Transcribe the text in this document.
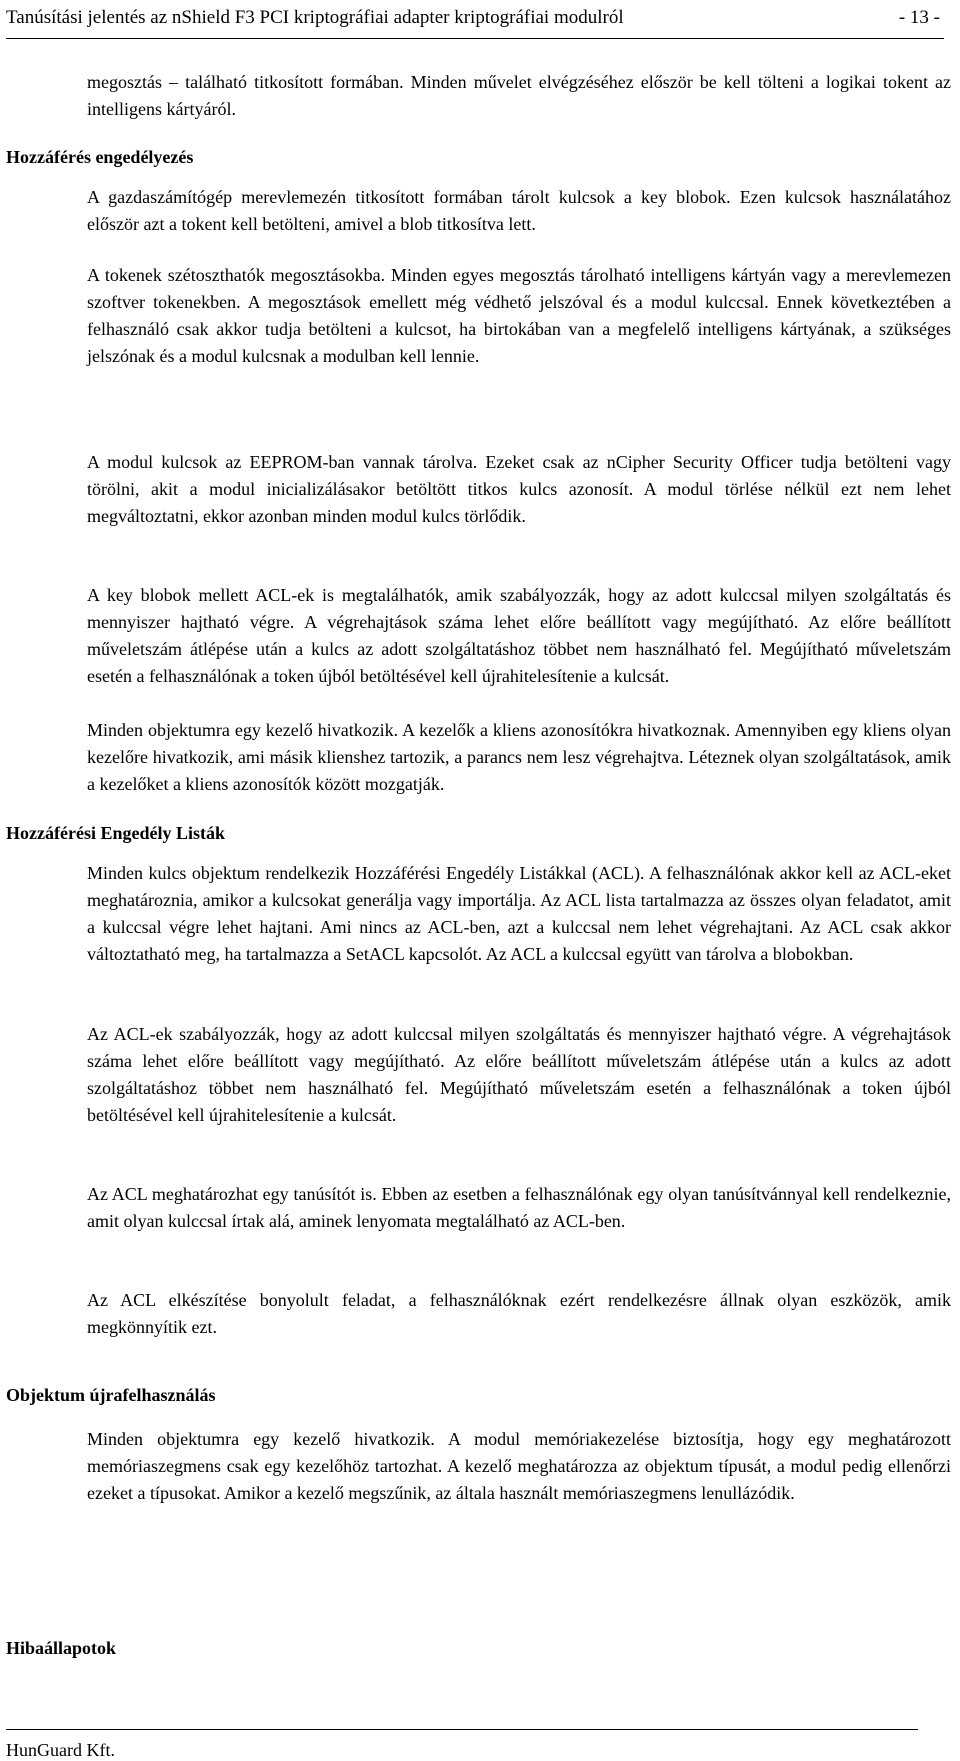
Tanúsítási jelentés az nShield F3 PCI kriptográfiai adapter kriptográfiai modulról	- 13 -

megosztás – található titkosított formában. Minden művelet elvégzéséhez először be kell tölteni a logikai tokent az intelligens kártyáról.

Hozzáférés engedélyezés

A gazdaszámítógép merevlemezén titkosított formában tárolt kulcsok a key blobok. Ezen kulcsok használatához először azt a tokent kell betölteni, amivel a blob titkosítva lett.

A tokenek szétoszthatók megosztásokba. Minden egyes megosztás tárolható intelligens kártyán vagy a merevlemezen szoftver tokenekben. A megosztások emellett még védhető jelszóval és a modul kulccsal. Ennek következtében a felhasználó csak akkor tudja betölteni a kulcsot, ha birtokában van a megfelelő intelligens kártyának, a szükséges jelszónak és a modul kulcsnak a modulban kell lennie.

A modul kulcsok az EEPROM-ban vannak tárolva. Ezeket csak az nCipher Security Officer tudja betölteni vagy törölni, akit a modul inicializálásakor betöltött titkos kulcs azonosít. A modul törlése nélkül ezt nem lehet megváltoztatni, ekkor azonban minden modul kulcs törlődik.

A key blobok mellett ACL-ek is megtalálhatók, amik szabályozzák, hogy az adott kulccsal milyen szolgáltatás és mennyiszer hajtható végre. A végrehajtások száma lehet előre beállított vagy megújítható. Az előre beállított műveletszám átlépése után a kulcs az adott szolgáltatáshoz többet nem használható fel. Megújítható műveletszám esetén a felhasználónak a token újból betöltésével kell újrahitelesítenie a kulcsát.

Minden objektumra egy kezelő hivatkozik. A kezelők a kliens azonosítókra hivatkoznak. Amennyiben egy kliens olyan kezelőre hivatkozik, ami másik klienshez tartozik, a parancs nem lesz végrehajtva. Léteznek olyan szolgáltatások, amik a kezelőket a kliens azonosítók között mozgatják.

Hozzáférési Engedély Listák

Minden kulcs objektum rendelkezik Hozzáférési Engedély Listákkal (ACL). A felhasználónak akkor kell az ACL-eket meghatároznia, amikor a kulcsokat generálja vagy importálja. Az ACL lista tartalmazza az összes olyan feladatot, amit a kulccsal végre lehet hajtani. Ami nincs az ACL-ben, azt a kulccsal nem lehet végrehajtani. Az ACL csak akkor változtatható meg, ha tartalmazza a SetACL kapcsolót. Az ACL a kulccsal együtt van tárolva a blobokban.

Az ACL-ek szabályozzák, hogy az adott kulccsal milyen szolgáltatás és mennyiszer hajtható végre. A végrehajtások száma lehet előre beállított vagy megújítható. Az előre beállított műveletszám átlépése után a kulcs az adott szolgáltatáshoz többet nem használható fel. Megújítható műveletszám esetén a felhasználónak a token újból betöltésével kell újrahitelesítenie a kulcsát.

Az ACL meghatározhat egy tanúsítót is. Ebben az esetben a felhasználónak egy olyan tanúsítvánnyal kell rendelkeznie, amit olyan kulccsal írtak alá, aminek lenyomata megtalálható az ACL-ben.

Az ACL elkészítése bonyolult feladat, a felhasználóknak ezért rendelkezésre állnak olyan eszközök, amik megkönnyítik ezt.

Objektum újrafelhasználás

Minden objektumra egy kezelő hivatkozik. A modul memóriakezelése biztosítja, hogy egy meghatározott memóriaszegmens csak egy kezelőhöz tartozhat. A kezelő meghatározza az objektum típusát, a modul pedig ellenőrzi ezeket a típusokat. Amikor a kezelő megszűnik, az általa használt memóriaszegmens lenullázódik.

Hibaállapotok
HunGuard Kft.
